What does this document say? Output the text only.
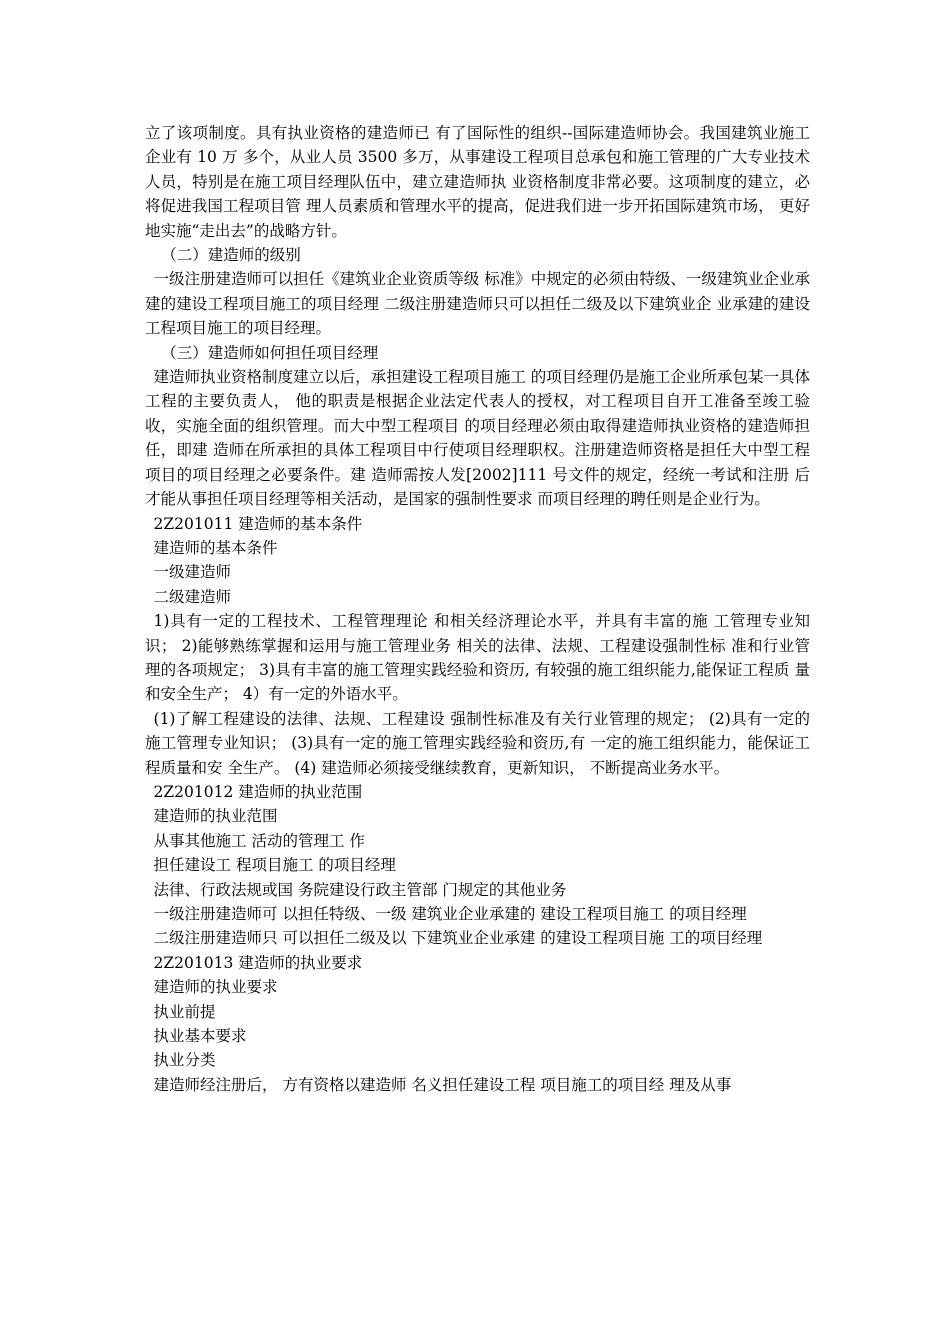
立了该项制度。具有执业资格的建造师已 有了国际性的组织--国际建造师协会。我国建筑业施工企业有 10 万 多个，从业人员 3500 多万，从事建设工程项目总承包和施工管理的广大专业技术人员，特别是在施工项目经理队伍中，建立建造师执 业资格制度非常必要。这项制度的建立，必将促进我国工程项目管 理人员素质和管理水平的提高，促进我们进一步开拓国际建筑市场， 更好地实施“走出去”的战略方针。

（二）建造师的级别

一级注册建造师可以担任《建筑业企业资质等级 标准》中规定的必须由特级、一级建筑业企业承 建的建设工程项目施工的项目经理 二级注册建造师只可以担任二级及以下建筑业企 业承建的建设工程项目施工的项目经理。

（三）建造师如何担任项目经理

建造师执业资格制度建立以后，承担建设工程项目施工 的项目经理仍是施工企业所承包某一具体工程的主要负责人， 他的职责是根据企业法定代表人的授权，对工程项目自开工准备至竣工验收，实施全面的组织管理。而大中型工程项目 的项目经理必须由取得建造师执业资格的建造师担任，即建 造师在所承担的具体工程项目中行使项目经理职权。注册建造师资格是担任大中型工程项目的项目经理之必要条件。建 造师需按人发[2002]111 号文件的规定，经统一考试和注册 后才能从事担任项目经理等相关活动，是国家的强制性要求 而项目经理的聘任则是企业行为。

2Z201011 建造师的基本条件

建造师的基本条件

一级建造师

二级建造师

1)具有一定的工程技术、工程管理理论 和相关经济理论水平，并具有丰富的施 工管理专业知识； 2)能够熟练掌握和运用与施工管理业务 相关的法律、法规、工程建设强制性标 准和行业管理的各项规定； 3)具有丰富的施工管理实践经验和资历, 有较强的施工组织能力,能保证工程质 量和安全生产； 4）有一定的外语水平。

(1)了解工程建设的法律、法规、工程建设 强制性标准及有关行业管理的规定； (2)具有一定的施工管理专业知识； (3)具有一定的施工管理实践经验和资历,有 一定的施工组织能力，能保证工程质量和安 全生产。 (4) 建造师必须接受继续教育，更新知识， 不断提高业务水平。

2Z201012 建造师的执业范围

建造师的执业范围

从事其他施工 活动的管理工 作

担任建设工 程项目施工 的项目经理

法律、行政法规或国 务院建设行政主管部 门规定的其他业务

一级注册建造师可 以担任特级、一级 建筑业企业承建的 建设工程项目施工 的项目经理

二级注册建造师只 可以担任二级及以 下建筑业企业承建 的建设工程项目施 工的项目经理

2Z201013 建造师的执业要求

建造师的执业要求

执业前提

执业基本要求

执业分类

建造师经注册后， 方有资格以建造师 名义担任建设工程 项目施工的项目经 理及从事
